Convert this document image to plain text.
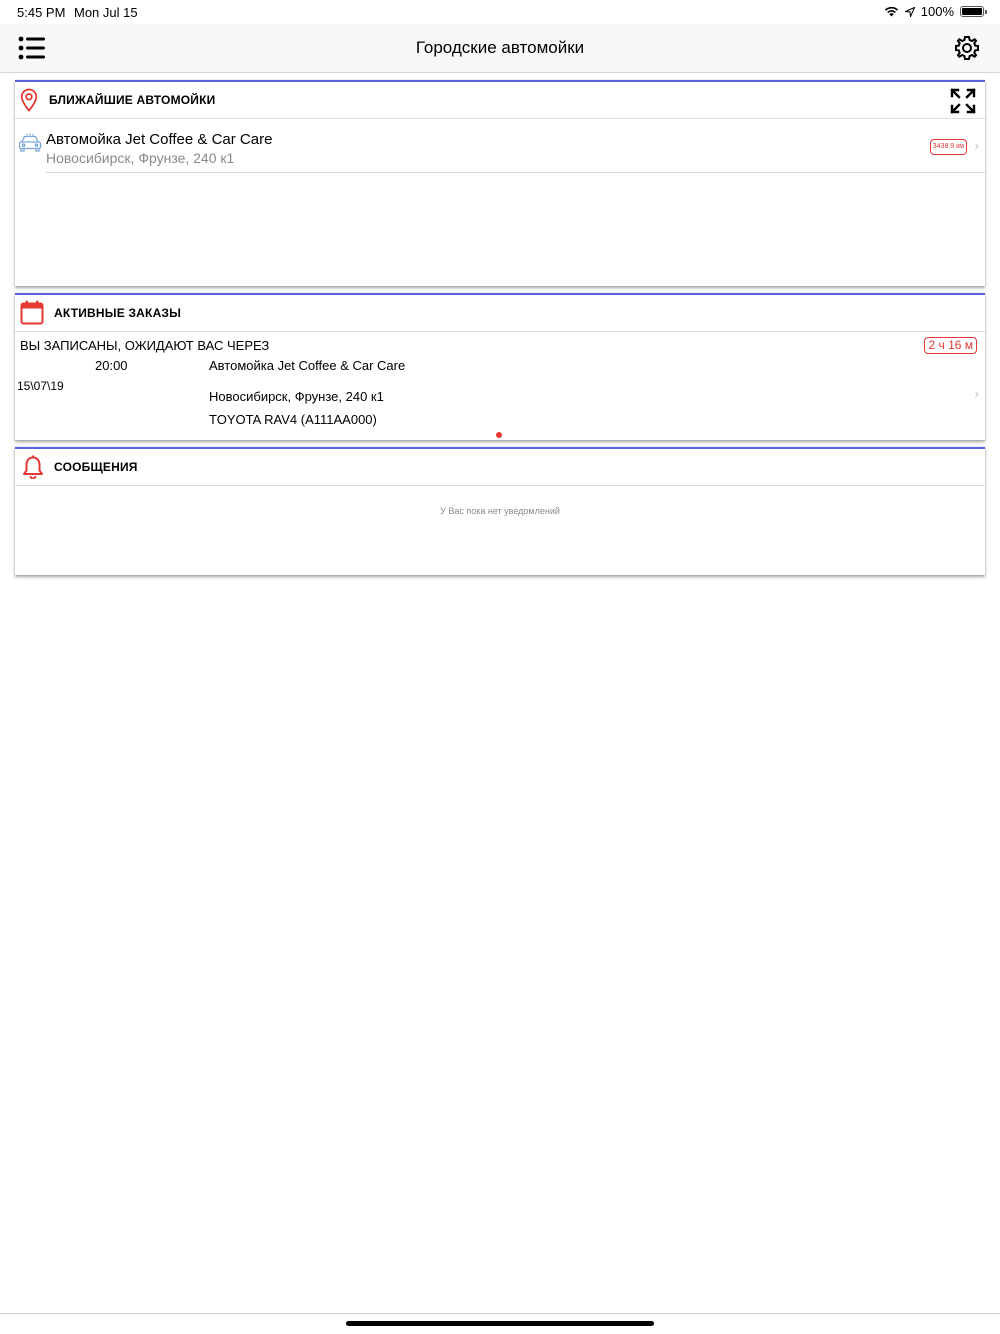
5:45 PM Mon Jul 15	100%
Городские автомойки
БЛИЖАЙШИЕ АВТОМОЙКИ
Автомойка Jet Coffee & Car Care
Новосибирск, Фрунзе, 240 к1
3438.9 км ›
АКТИВНЫЕ ЗАКАЗЫ
ВЫ ЗАПИСАНЫ, ОЖИДАЮТ ВАС ЧЕРЕЗ	2 ч 16 м
20:00
15\07\19
Автомойка Jet Coffee & Car Care
Новосибирск, Фрунзе, 240 к1
TOYOTA RAV4 (А111АА000)
›
СООБЩЕНИЯ
У Вас пока нет уведомлений
